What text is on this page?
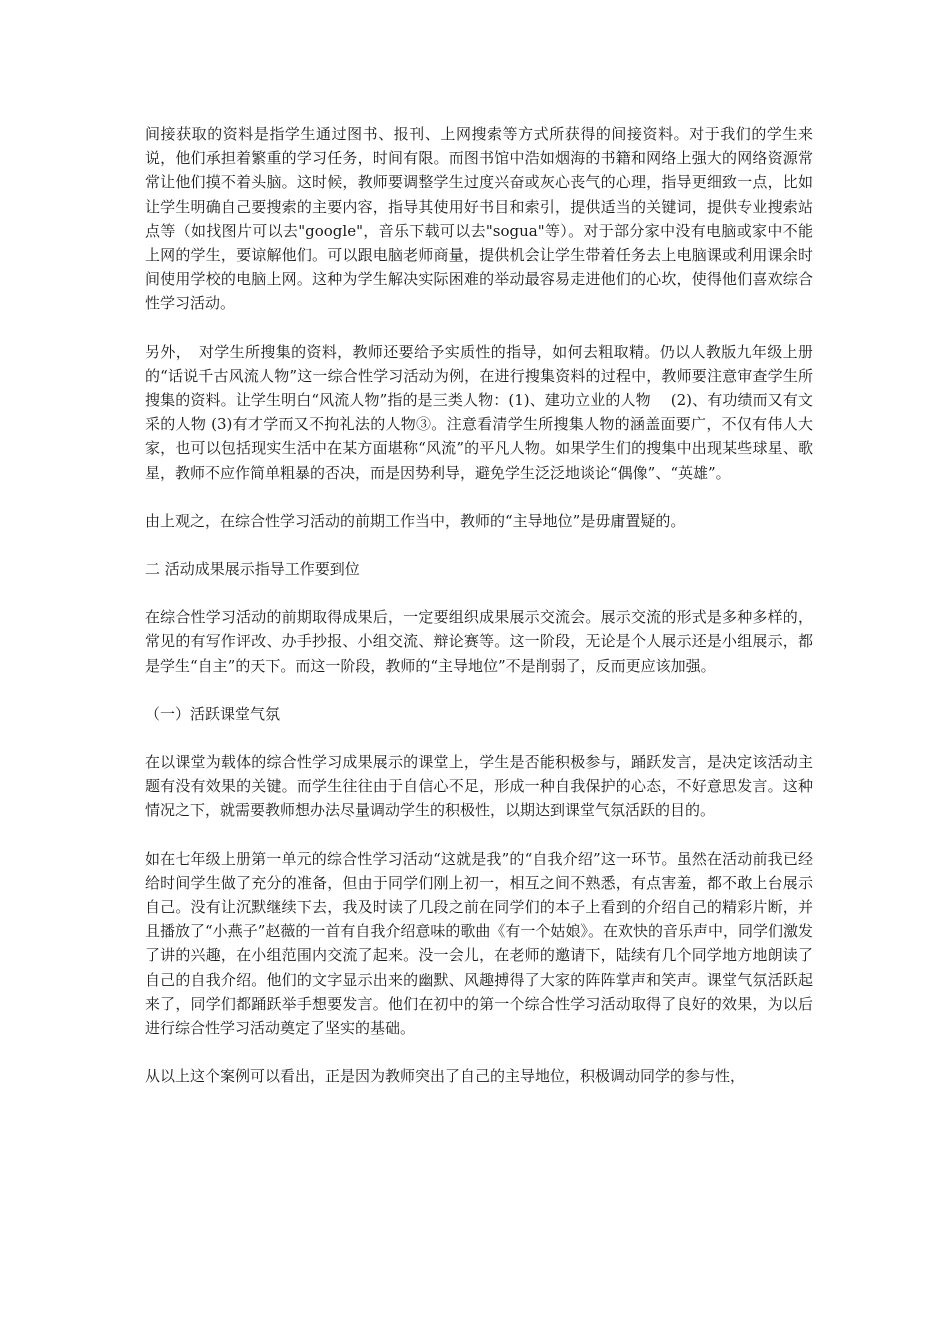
间接获取的资料是指学生通过图书、报刊、上网搜索等方式所获得的间接资料。对于我们的学生来说，他们承担着繁重的学习任务，时间有限。而图书馆中浩如烟海的书籍和网络上强大的网络资源常常让他们摸不着头脑。这时候，教师要调整学生过度兴奋或灰心丧气的心理，指导更细致一点，比如让学生明确自己要搜索的主要内容，指导其使用好书目和索引，提供适当的关键词，提供专业搜索站点等（如找图片可以去"google"，音乐下载可以去"sogua"等）。对于部分家中没有电脑或家中不能上网的学生，要谅解他们。可以跟电脑老师商量，提供机会让学生带着任务去上电脑课或利用课余时间使用学校的电脑上网。这种为学生解决实际困难的举动最容易走进他们的心坎，使得他们喜欢综合性学习活动。

另外，　对学生所搜集的资料，教师还要给予实质性的指导，如何去粗取精。仍以人教版九年级上册的“话说千古风流人物”这一综合性学习活动为例，在进行搜集资料的过程中，教师要注意审查学生所搜集的资料。让学生明白“风流人物”指的是三类人物：(1)、建功立业的人物　 (2)、有功绩而又有文采的人物 (3)有才学而又不拘礼法的人物③。注意看清学生所搜集人物的涵盖面要广，不仅有伟人大家，也可以包括现实生活中在某方面堪称“风流”的平凡人物。如果学生们的搜集中出现某些球星、歌星，教师不应作简单粗暴的否决，而是因势利导，避免学生泛泛地谈论“偶像”、“英雄”。

由上观之，在综合性学习活动的前期工作当中，教师的“主导地位”是毋庸置疑的。

二 活动成果展示指导工作要到位

在综合性学习活动的前期取得成果后，一定要组织成果展示交流会。展示交流的形式是多种多样的，常见的有写作评改、办手抄报、小组交流、辩论赛等。这一阶段，无论是个人展示还是小组展示，都是学生“自主”的天下。而这一阶段，教师的“主导地位”不是削弱了，反而更应该加强。

（一）活跃课堂气氛

在以课堂为载体的综合性学习成果展示的课堂上，学生是否能积极参与，踊跃发言，是决定该活动主题有没有效果的关键。而学生往往由于自信心不足，形成一种自我保护的心态，不好意思发言。这种情况之下，就需要教师想办法尽量调动学生的积极性，以期达到课堂气氛活跃的目的。

如在七年级上册第一单元的综合性学习活动“这就是我”的“自我介绍”这一环节。虽然在活动前我已经给时间学生做了充分的准备，但由于同学们刚上初一，相互之间不熟悉，有点害羞，都不敢上台展示自己。没有让沉默继续下去，我及时读了几段之前在同学们的本子上看到的介绍自己的精彩片断，并且播放了“小燕子”赵薇的一首有自我介绍意味的歌曲《有一个姑娘》。在欢快的音乐声中，同学们激发了讲的兴趣，在小组范围内交流了起来。没一会儿，在老师的邀请下，陆续有几个同学地方地朗读了自己的自我介绍。他们的文字显示出来的幽默、风趣搏得了大家的阵阵掌声和笑声。课堂气氛活跃起来了，同学们都踊跃举手想要发言。他们在初中的第一个综合性学习活动取得了良好的效果，为以后进行综合性学习活动奠定了坚实的基础。

从以上这个案例可以看出，正是因为教师突出了自己的主导地位，积极调动同学的参与性，
